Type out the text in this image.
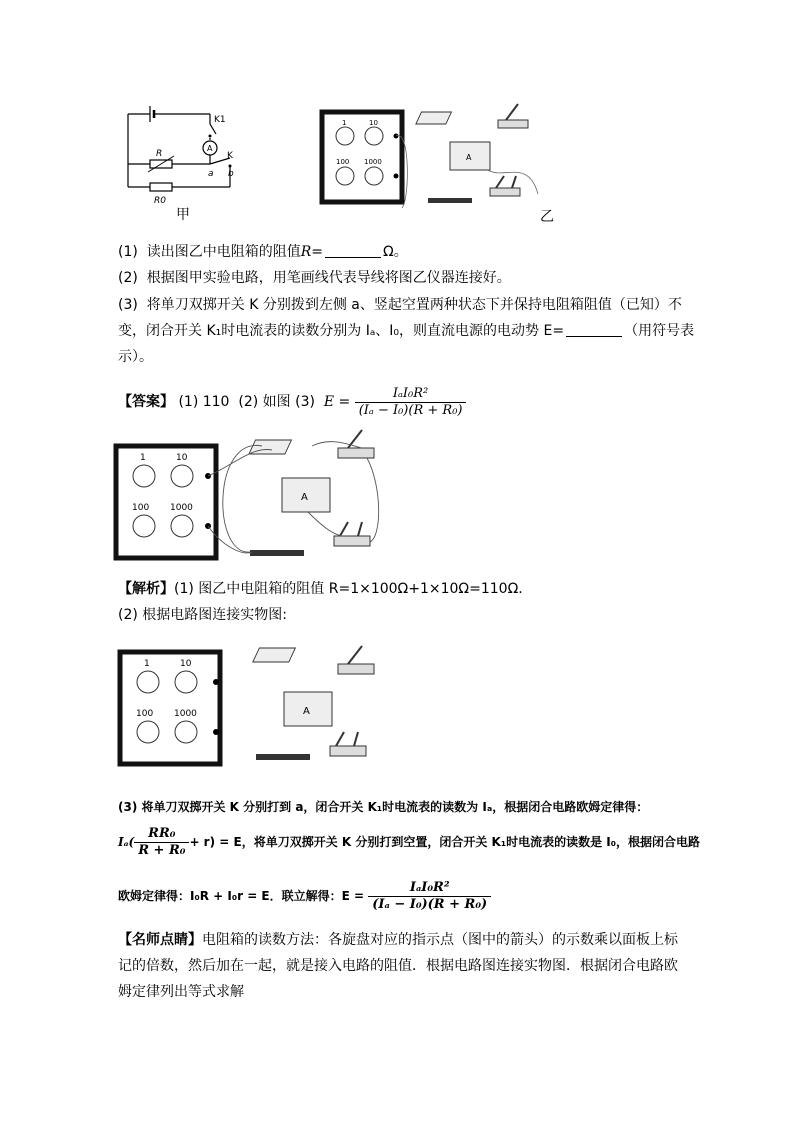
K1
A
K
a b
R
R0
甲
1	10
100 1000	A
乙
(1) 读出图乙中电阻箱的阻值R=	Ω。
(2) 根据图甲实验电路，用笔画线代表导线将图乙仪器连接好。
(3) 将单刀双掷开关 K 分别拨到左侧 a、竖起空置两种状态下并保持电阻箱阻值（已知）不
变，闭合开关 K₁时电流表的读数分别为 Iₐ、I₀，则直流电源的电动势 E=	（用符号表
示）。
【答案】 (1) 110 (2) 如图 (3) $E = \frac{\text{IₐI₀R²}}{\text{(Iₐ − I₀)(R + R₀)}}$
1	10
100 1000
A
【解析】(1) 图乙中电阻箱的阻值 R=1×100Ω+1×10Ω=110Ω.
(2) 根据电路图连接实物图:
1	10
100 1000	A
(3) 将单刀双掷开关 K 分别打到 a，闭合开关 K₁时电流表的读数为 Iₐ，根据闭合电路欧姆定律得：
$I_a( \frac{\text{RR₀}}{\text{R + R₀}} + r) = E$，将单刀双掷开关 K 分别打到空置，闭合开关 K₁时电流表的读数是 I₀，根据闭合电路
欧姆定律得：I₀R + I₀r = E．联立解得：$E = \frac{\text{IₐI₀R²}}{\text{(Iₐ − I₀)(R + R₀)}}$
【名师点睛】电阻箱的读数方法：各旋盘对应的指示点（图中的箭头）的示数乘以面板上标
记的倍数，然后加在一起，就是接入电路的阻值．根据电路图连接实物图．根据闭合电路欧
姆定律列出等式求解
